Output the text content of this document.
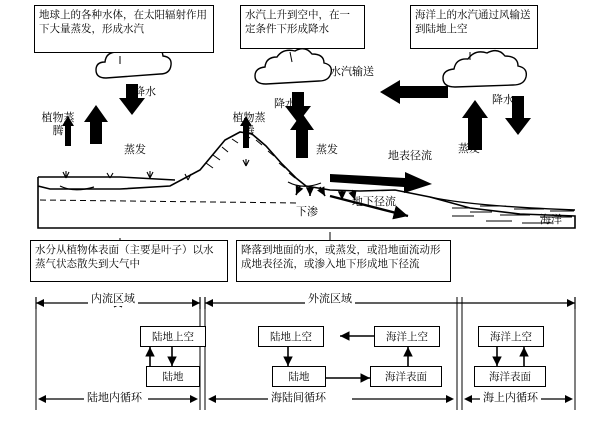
地球上的各种水体，在太阳辐射作用下大量蒸发，形成水汽
水汽上升到空中，在一定条件下形成降水
海洋上的水汽通过风输送到陆地上空
水分从植物体表面（主要是叶子）以水蒸气状态散失到大气中
降落到地面的水，或蒸发，或沿地面流动形成地表径流，或渗入地下形成地下径流
降水
降水	降水
水汽输送
植物蒸腾
植物蒸腾
蒸发	蒸发	蒸发
下渗
地下径流
地表径流
海洋
内流区域	外流区域
陆地上空
陆地
陆地上空
陆地
海洋上空
海洋表面
海洋上空
海洋表面
陆地内循环	海陆间循环	海上内循环
